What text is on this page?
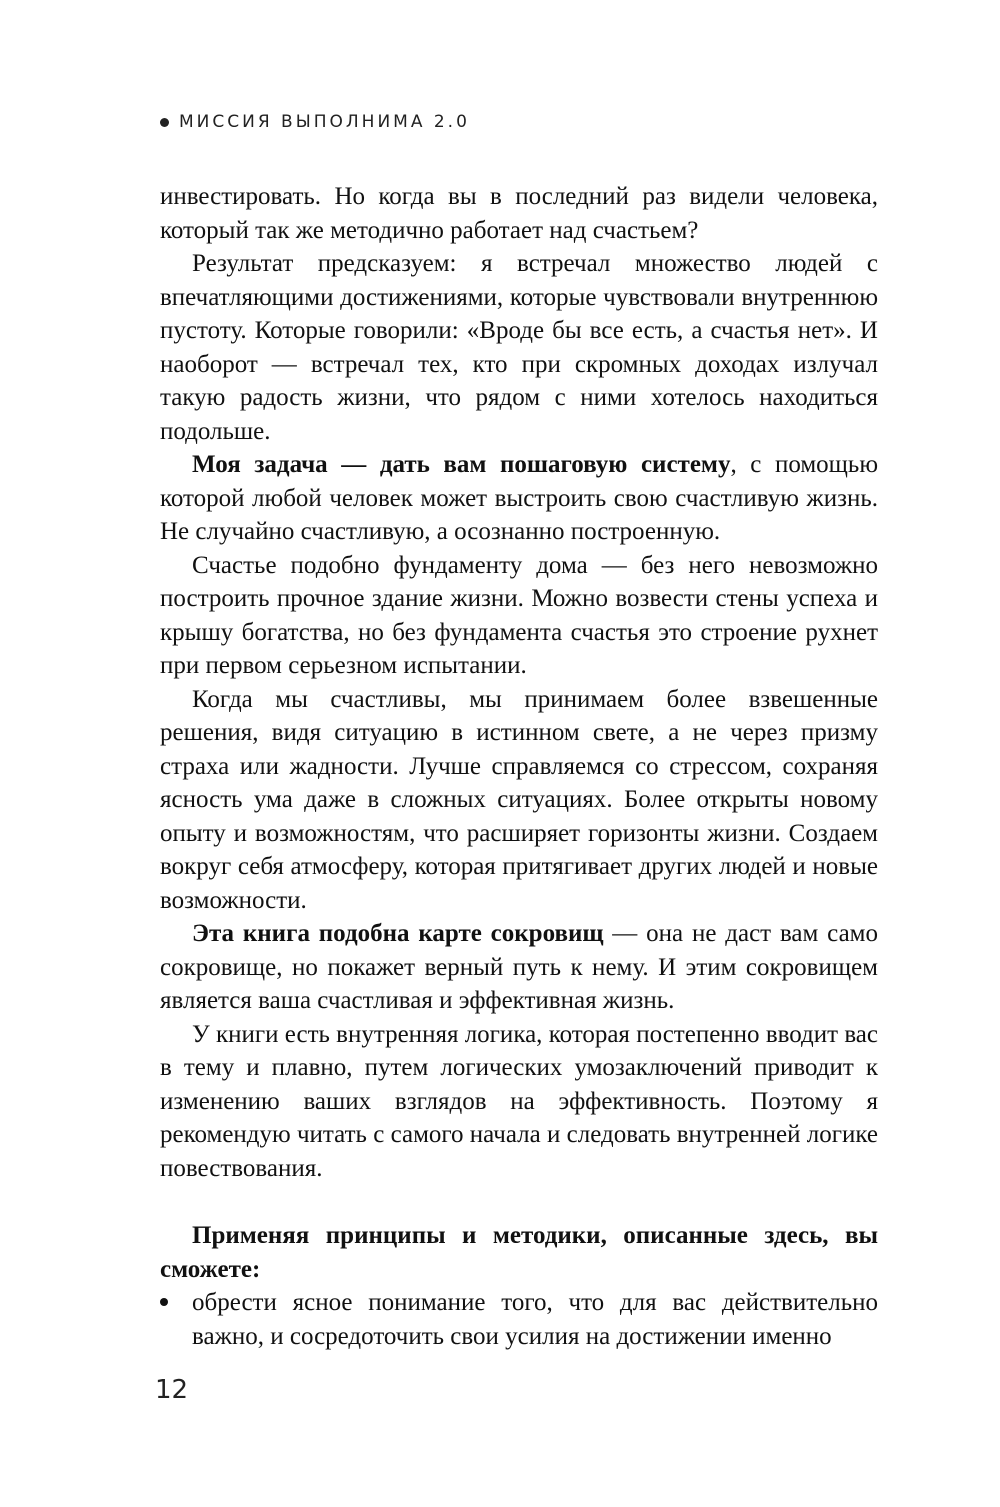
МИССИЯ ВЫПОЛНИМА 2.0

инвестировать. Но когда вы в последний раз видели человека, который так же методично работает над счастьем?

Результат предсказуем: я встречал множество людей с впечатляющими достижениями, которые чувствовали внутреннюю пустоту. Которые говорили: «Вроде бы все есть, а счастья нет». И наоборот — встречал тех, кто при скромных доходах излучал такую радость жизни, что рядом с ними хотелось находиться подольше.

Моя задача — дать вам пошаговую систему, с помощью которой любой человек может выстроить свою счастливую жизнь. Не случайно счастливую, а осознанно построенную.

Счастье подобно фундаменту дома — без него невозможно построить прочное здание жизни. Можно возвести стены успеха и крышу богатства, но без фундамента счастья это строение рухнет при первом серьезном испытании.

Когда мы счастливы, мы принимаем более взвешенные решения, видя ситуацию в истинном свете, а не через призму страха или жадности. Лучше справляемся со стрессом, сохраняя ясность ума даже в сложных ситуациях. Более открыты новому опыту и возможностям, что расширяет горизонты жизни. Создаем вокруг себя атмосферу, которая притягивает других людей и новые возможности.

Эта книга подобна карте сокровищ — она не даст вам само сокровище, но покажет верный путь к нему. И этим сокровищем является ваша счастливая и эффективная жизнь.

У книги есть внутренняя логика, которая постепенно вводит вас в тему и плавно, путем логических умозаключений приводит к изменению ваших взглядов на эффективность. Поэтому я рекомендую читать с самого начала и следовать внутренней логике повествования.

Применяя принципы и методики, описанные здесь, вы сможете:

обрести ясное понимание того, что для вас действительно важно, и сосредоточить свои усилия на достижении именно
12
